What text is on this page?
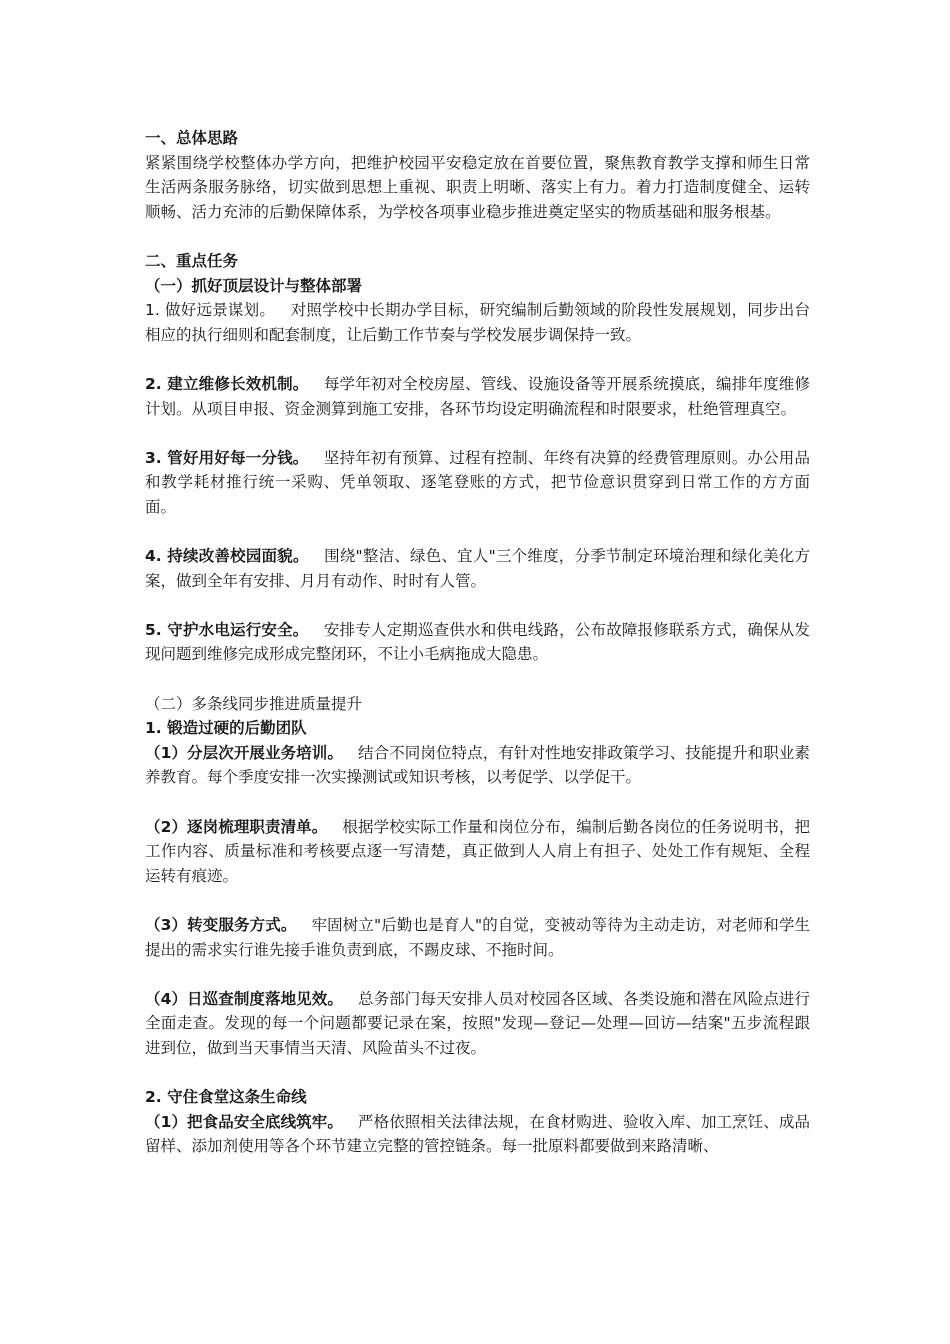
一、总体思路

紧紧围绕学校整体办学方向，把维护校园平安稳定放在首要位置，聚焦教育教学支撑和师生日常生活两条服务脉络，切实做到思想上重视、职责上明晰、落实上有力。着力打造制度健全、运转顺畅、活力充沛的后勤保障体系，为学校各项事业稳步推进奠定坚实的物质基础和服务根基。

二、重点任务

（一）抓好顶层设计与整体部署

1. 做好远景谋划。 对照学校中长期办学目标，研究编制后勤领域的阶段性发展规划，同步出台相应的执行细则和配套制度，让后勤工作节奏与学校发展步调保持一致。

2. 建立维修长效机制。 每学年初对全校房屋、管线、设施设备等开展系统摸底，编排年度维修计划。从项目申报、资金测算到施工安排，各环节均设定明确流程和时限要求，杜绝管理真空。

3. 管好用好每一分钱。 坚持年初有预算、过程有控制、年终有决算的经费管理原则。办公用品和教学耗材推行统一采购、凭单领取、逐笔登账的方式，把节俭意识贯穿到日常工作的方方面面。

4. 持续改善校园面貌。 围绕"整洁、绿色、宜人"三个维度，分季节制定环境治理和绿化美化方案，做到全年有安排、月月有动作、时时有人管。

5. 守护水电运行安全。 安排专人定期巡查供水和供电线路，公布故障报修联系方式，确保从发现问题到维修完成形成完整闭环，不让小毛病拖成大隐患。

（二）多条线同步推进质量提升

1. 锻造过硬的后勤团队

（1）分层次开展业务培训。 结合不同岗位特点，有针对性地安排政策学习、技能提升和职业素养教育。每个季度安排一次实操测试或知识考核，以考促学、以学促干。

（2）逐岗梳理职责清单。 根据学校实际工作量和岗位分布，编制后勤各岗位的任务说明书，把工作内容、质量标准和考核要点逐一写清楚，真正做到人人肩上有担子、处处工作有规矩、全程运转有痕迹。

（3）转变服务方式。 牢固树立"后勤也是育人"的自觉，变被动等待为主动走访，对老师和学生提出的需求实行谁先接手谁负责到底，不踢皮球、不拖时间。

（4）日巡查制度落地见效。 总务部门每天安排人员对校园各区域、各类设施和潜在风险点进行全面走查。发现的每一个问题都要记录在案，按照"发现—登记—处理—回访—结案"五步流程跟进到位，做到当天事情当天清、风险苗头不过夜。

2. 守住食堂这条生命线

（1）把食品安全底线筑牢。 严格依照相关法律法规，在食材购进、验收入库、加工烹饪、成品留样、添加剂使用等各个环节建立完整的管控链条。每一批原料都要做到来路清晰、
